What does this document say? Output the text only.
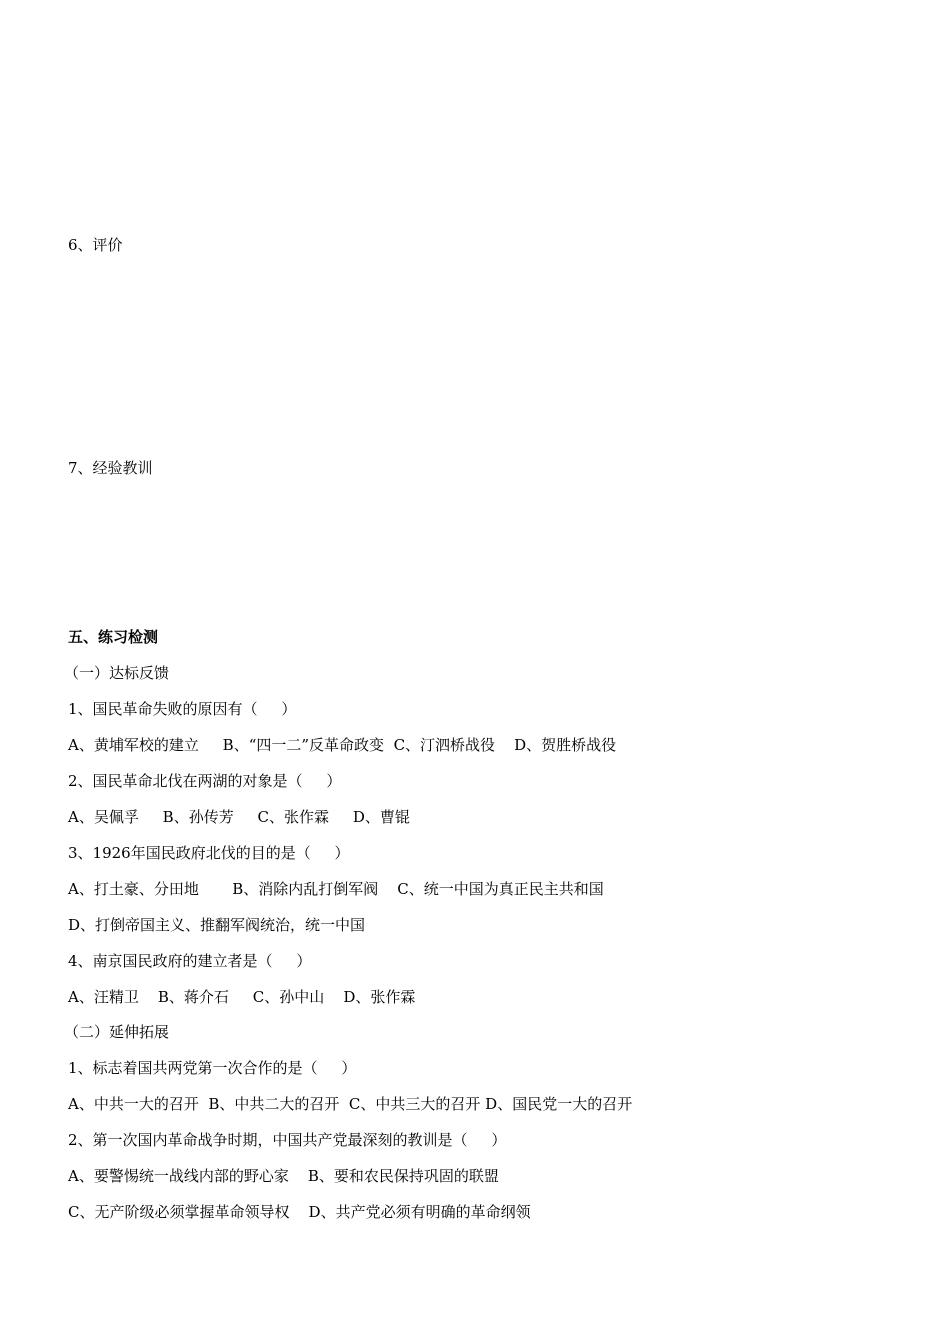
6、评价
7、经验教训
五、练习检测
（一）达标反馈
1、国民革命失败的原因有（     ）
A、黄埔军校的建立     B、“四一二”反革命政变  C、汀泗桥战役    D、贺胜桥战役
2、国民革命北伐在两湖的对象是（     ）
A、吴佩孚     B、孙传芳     C、张作霖     D、曹锟
3、1926年国民政府北伐的目的是（     ）
A、打土豪、分田地       B、消除内乱打倒军阀    C、统一中国为真正民主共和国
D、打倒帝国主义、推翻军阀统治，统一中国
4、南京国民政府的建立者是（     ）
A、汪精卫    B、蒋介石     C、孙中山    D、张作霖
（二）延伸拓展
1、标志着国共两党第一次合作的是（     ）
A、中共一大的召开  B、中共二大的召开  C、中共三大的召开 D、国民党一大的召开
2、第一次国内革命战争时期，中国共产党最深刻的教训是（     ）
A、要警惕统一战线内部的野心家    B、要和农民保持巩固的联盟
C、无产阶级必须掌握革命领导权    D、共产党必须有明确的革命纲领
